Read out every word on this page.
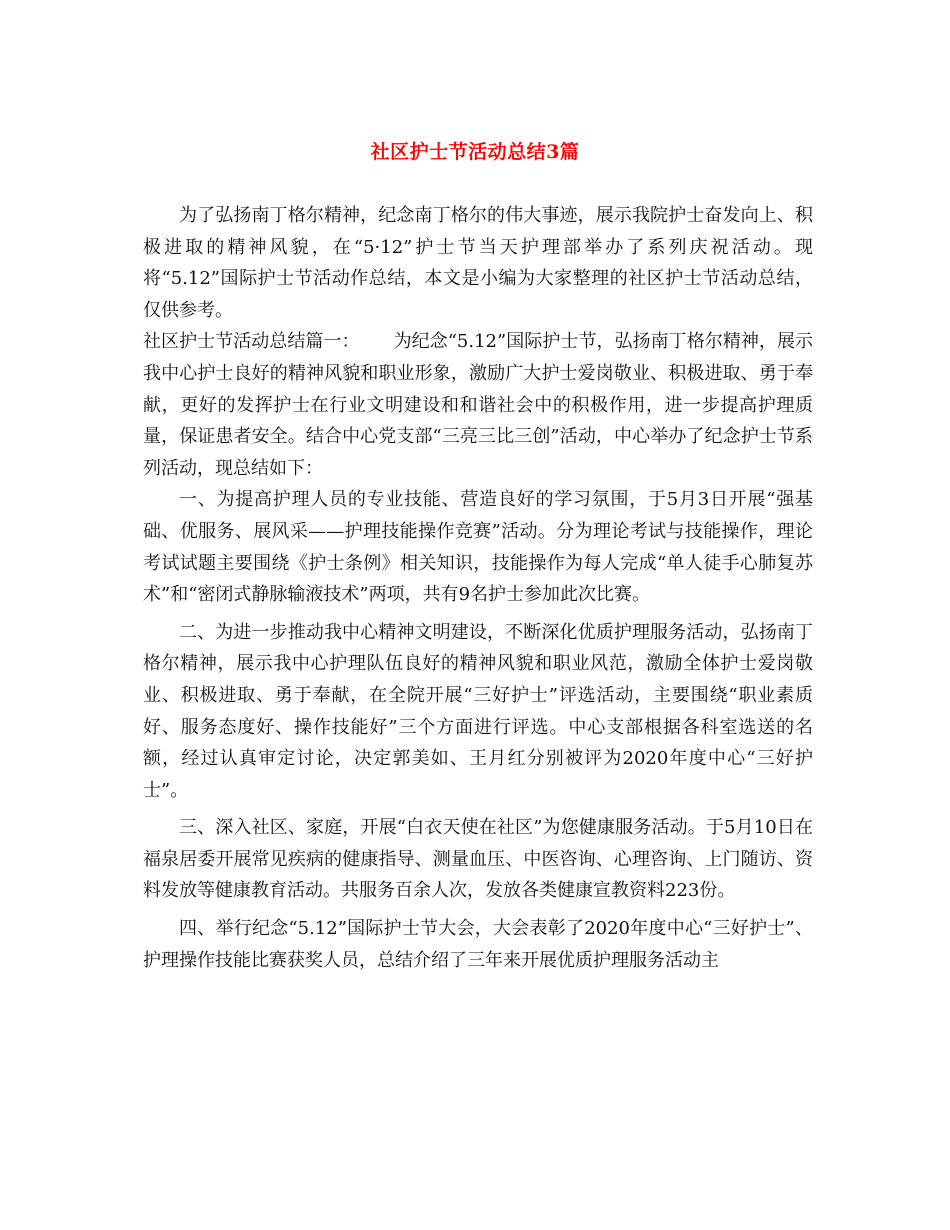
社区护士节活动总结3篇

为了弘扬南丁格尔精神，纪念南丁格尔的伟大事迹，展示我院护士奋发向上、积极进取的精神风貌，在“5·12”护士节当天护理部举办了系列庆祝活动。现将“5.12”国际护士节活动作总结，本文是小编为大家整理的社区护士节活动总结，仅供参考。

社区护士节活动总结篇一： 为纪念“5.12”国际护士节，弘扬南丁格尔精神，展示我中心护士良好的精神风貌和职业形象，激励广大护士爱岗敬业、积极进取、勇于奉献，更好的发挥护士在行业文明建设和和谐社会中的积极作用，进一步提高护理质量，保证患者安全。结合中心党支部“三亮三比三创”活动，中心举办了纪念护士节系列活动，现总结如下：

一、为提高护理人员的专业技能、营造良好的学习氛围，于5月3日开展“强基础、优服务、展风采——护理技能操作竞赛”活动。分为理论考试与技能操作，理论考试试题主要围绕《护士条例》相关知识，技能操作为每人完成“单人徒手心肺复苏术”和“密闭式静脉输液技术”两项，共有9名护士参加此次比赛。

二、为进一步推动我中心精神文明建设，不断深化优质护理服务活动，弘扬南丁格尔精神，展示我中心护理队伍良好的精神风貌和职业风范，激励全体护士爱岗敬业、积极进取、勇于奉献，在全院开展“三好护士”评选活动，主要围绕“职业素质好、服务态度好、操作技能好”三个方面进行评选。中心支部根据各科室选送的名额，经过认真审定讨论，决定郭美如、王月红分别被评为2020年度中心“三好护士”。

三、深入社区、家庭，开展“白衣天使在社区”为您健康服务活动。于5月10日在福泉居委开展常见疾病的健康指导、测量血压、中医咨询、心理咨询、上门随访、资料发放等健康教育活动。共服务百余人次，发放各类健康宣教资料223份。

四、举行纪念“5.12”国际护士节大会，大会表彰了2020年度中心“三好护士”、护理操作技能比赛获奖人员，总结介绍了三年来开展优质护理服务活动主
